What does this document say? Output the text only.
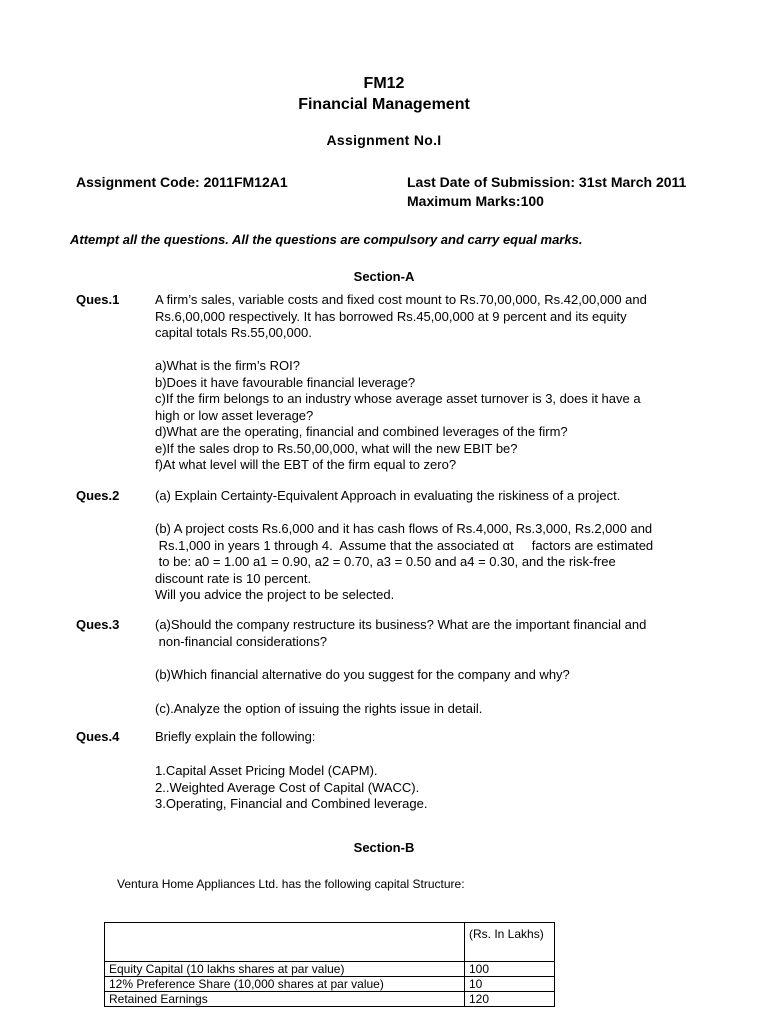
FM12
Financial Management
Assignment No.I
Assignment Code: 2011FM12A1	Last Date of Submission: 31st March 2011
Maximum Marks:100
Attempt all the questions. All the questions are compulsory and carry equal marks.
Section-A
Ques.1	A firm’s sales, variable costs and fixed cost mount to Rs.70,00,000, Rs.42,00,000 and
Rs.6,00,000 respectively. It has borrowed Rs.45,00,000 at 9 percent and its equity
capital totals Rs.55,00,000.
a)What is the firm’s ROI?
b)Does it have favourable financial leverage?
c)If the firm belongs to an industry whose average asset turnover is 3, does it have a
high or low asset leverage?
d)What are the operating, financial and combined leverages of the firm?
e)If the sales drop to Rs.50,00,000, what will the new EBIT be?
f)At what level will the EBT of the firm equal to zero?
Ques.2	(a) Explain Certainty-Equivalent Approach in evaluating the riskiness of a project.
(b) A project costs Rs.6,000 and it has cash flows of Rs.4,000, Rs.3,000, Rs.2,000 and
Rs.1,000 in years 1 through 4.  Assume that the associated αt     factors are estimated
to be: a0 = 1.00 a1 = 0.90, a2 = 0.70, a3 = 0.50 and a4 = 0.30, and the risk-free
discount rate is 10 percent.
Will you advice the project to be selected.
Ques.3	(a)Should the company restructure its business? What are the important financial and
non-financial considerations?
(b)Which financial alternative do you suggest for the company and why?
(c).Analyze the option of issuing the rights issue in detail.
Ques.4	Briefly explain the following:
1.Capital Asset Pricing Model (CAPM).
2..Weighted Average Cost of Capital (WACC).
3.Operating, Financial and Combined leverage.
Section-B
Ventura Home Appliances Ltd. has the following capital Structure:
	(Rs. In Lakhs)
Equity Capital (10 lakhs shares at par value)	100
12% Preference Share (10,000 shares at par value)	10
Retained Earnings	120
